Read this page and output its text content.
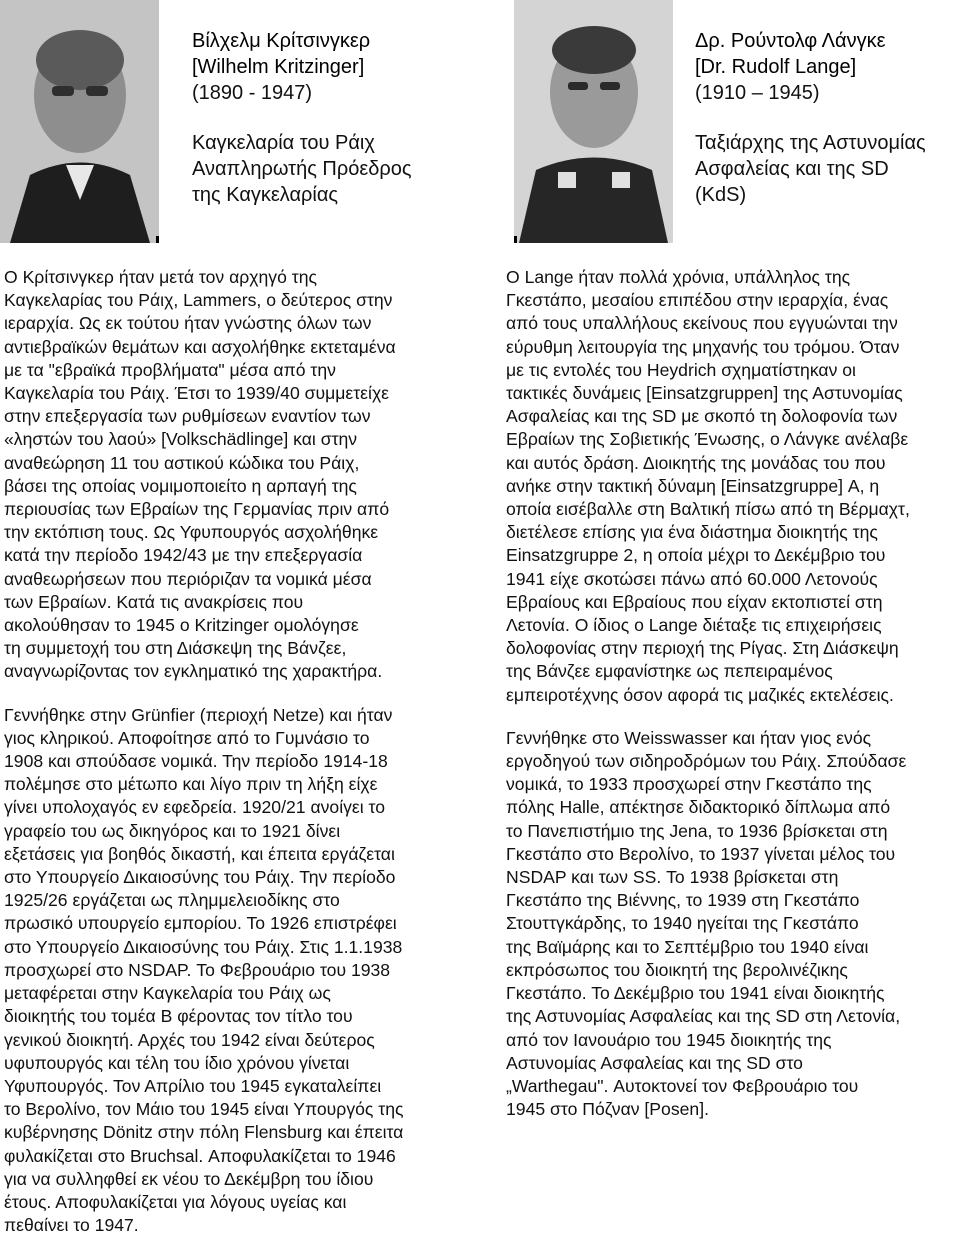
Βίλχελμ Κρίτσινγκερ
[Wilhelm Kritzinger]
(1890 - 1947)
Καγκελαρία του Ράιχ
Αναπληρωτής Πρόεδρος
της Καγκελαρίας
Δρ. Ρούντολφ Λάνγκε
[Dr. Rudolf Lange]
(1910 – 1945)
Ταξιάρχης της Αστυνομίας
Ασφαλείας και της SD
(KdS)

Ο Κρίτσινγκερ ήταν μετά τον αρχηγό της
Καγκελαρίας του Ράιχ, Lammers, ο δεύτερος στην
ιεραρχία. Ως εκ τούτου ήταν γνώστης όλων των
αντιεβραϊκών θεμάτων και ασχολήθηκε εκτεταμένα
με τα "εβραϊκά προβλήματα" μέσα από την
Καγκελαρία του Ράιχ. Έτσι το 1939/40 συμμετείχε
στην επεξεργασία των ρυθμίσεων εναντίον των
«ληστών του λαού» [Volkschädlinge] και στην
αναθεώρηση 11 του αστικού κώδικα του Ράιχ,
βάσει της οποίας νομιμοποιείτο η αρπαγή της
περιουσίας των Εβραίων της Γερμανίας πριν από
την εκτόπιση τους. Ως Υφυπουργός ασχολήθηκε
κατά την περίοδο 1942/43 με την επεξεργασία
αναθεωρήσεων που περιόριζαν τα νομικά μέσα
των Εβραίων. Κατά τις ανακρίσεις που
ακολούθησαν το 1945 ο Kritzinger ομολόγησε
τη συμμετοχή του στη Διάσκεψη της Βάνζεε,
αναγνωρίζοντας τον εγκληματικό της χαρακτήρα.

Γεννήθηκε στην Grünfier (περιοχή Netze) και ήταν
γιος κληρικού. Αποφοίτησε από το Γυμνάσιο το
1908 και σπούδασε νομικά. Την περίοδο 1914-18
πολέμησε στο μέτωπο και λίγο πριν τη λήξη είχε
γίνει υπολοχαγός εν εφεδρεία. 1920/21 ανοίγει το
γραφείο του ως δικηγόρος και το 1921 δίνει
εξετάσεις για βοηθός δικαστή, και έπειτα εργάζεται
στο Υπουργείο Δικαιοσύνης του Ράιχ. Την περίοδο
1925/26 εργάζεται ως πλημμελειοδίκης στο
πρωσικό υπουργείο εμπορίου. Το 1926 επιστρέφει
στο Υπουργείο Δικαιοσύνης του Ράιχ. Στις 1.1.1938
προσχωρεί στο NSDAP. Το Φεβρουάριο του 1938
μεταφέρεται στην Καγκελαρία του Ράιχ ως
διοικητής του τομέα Β φέροντας τον τίτλο του
γενικού διοικητή. Αρχές του 1942 είναι δεύτερος
υφυπουργός και τέλη του ίδιο χρόνου γίνεται
Υφυπουργός. Τον Απρίλιο του 1945 εγκαταλείπει
το Βερολίνο, τον Μάιο του 1945 είναι Υπουργός της
κυβέρνησης Dönitz στην πόλη Flensburg και έπειτα
φυλακίζεται στο Bruchsal. Αποφυλακίζεται το 1946
για να συλληφθεί εκ νέου το Δεκέμβρη του ίδιου
έτους. Αποφυλακίζεται για λόγους υγείας και
πεθαίνει το 1947.

Ο Lange ήταν πολλά χρόνια, υπάλληλος της
Γκεστάπο, μεσαίου επιπέδου στην ιεραρχία, ένας
από τους υπαλλήλους εκείνους που εγγυώνται την
εύρυθμη λειτουργία της μηχανής του τρόμου. Όταν
με τις εντολές του Heydrich σχηματίστηκαν οι
τακτικές δυνάμεις [Einsatzgruppen] της Αστυνομίας
Ασφαλείας και της SD με σκοπό τη δολοφονία των
Εβραίων της Σοβιετικής Ένωσης, ο Λάνγκε ανέλαβε
και αυτός δράση. Διοικητής της μονάδας του που
ανήκε στην τακτική δύναμη [Einsatzgruppe] A, η
οποία εισέβαλλε στη Βαλτική πίσω από τη Βέρμαχτ,
διετέλεσε επίσης για ένα διάστημα διοικητής της
Einsatzgruppe 2, η οποία μέχρι το Δεκέμβριο του
1941 είχε σκοτώσει πάνω από 60.000 Λετονούς
Εβραίους και Εβραίους που είχαν εκτοπιστεί στη
Λετονία. Ο ίδιος ο Lange διέταξε τις επιχειρήσεις
δολοφονίας στην περιοχή της Ρίγας. Στη Διάσκεψη
της Βάνζεε εμφανίστηκε ως πεπειραμένος
εμπειροτέχνης όσον αφορά τις μαζικές εκτελέσεις.

Γεννήθηκε στο Weisswasser και ήταν γιος ενός
εργοδηγού των σιδηροδρόμων του Ράιχ. Σπούδασε
νομικά, το 1933 προσχωρεί στην Γκεστάπο της
πόλης Halle, απέκτησε διδακτορικό δίπλωμα από
το Πανεπιστήμιο της Jena, το 1936 βρίσκεται στη
Γκεστάπο στο Βερολίνο, το 1937 γίνεται μέλος του
NSDAP και των SS. Το 1938 βρίσκεται στη
Γκεστάπο της Βιέννης, το 1939 στη Γκεστάπο
Στουττγκάρδης, το 1940 ηγείται της Γκεστάπο
της Βαϊμάρης και το Σεπτέμβριο του 1940 είναι
εκπρόσωπος του διοικητή της βερολινέζικης
Γκεστάπο. Το Δεκέμβριο του 1941 είναι διοικητής
της Αστυνομίας Ασφαλείας και της SD στη Λετονία,
από τον Ιανουάριο του 1945 διοικητής της
Αστυνομίας Ασφαλείας και της SD στο
„Warthegau". Αυτοκτονεί τον Φεβρουάριο του
1945 στο Πόζναν [Posen].
